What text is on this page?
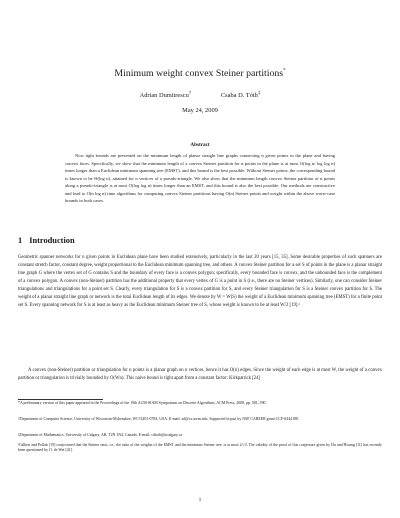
Minimum weight convex Steiner partitions*
Adrian Dumitrescu†	Csaba D. Tóth‡
May 24, 2009
Abstract
Now tight bounds are presented on the minimum length of planar straight line graphs connecting n given points in the plane and having convex faces. Specifically, we show that the minimum length of a convex Steiner partition for n points in the plane is at most O(log n/ log log n) times longer than a Euclidean minimum spanning tree (EMST), and this bound is the best possible. Without Steiner points, the corresponding bound is known to be Θ(log n), attained for n vertices of a pseudo-triangle. We also show that the minimum length convex Steiner partition of n points along a pseudo-triangle is at most O(log log n) times longer than an EMST, and this bound is also the best possible. Our methods are constructive and lead to O(n log n) time algorithms for computing convex Steiner partitions having O(n) Steiner points and weight within the above worst-case bounds in both cases.
1 Introduction
Geometric spanner networks for n given points in Euclidean plane have been studied extensively, particularly in the last 20 years [15, 35]. Some desirable properties of such spanners are constant stretch factor, constant degree, weight proportional to the Euclidean minimum spanning tree, and others. A convex Steiner partition for a set S of points in the plane is a planar straight line graph G where the vertex set of G contains S and the boundary of every face is a convex polygon; specifically, every bounded face is convex, and the unbounded face is the complement of a convex polygon. A convex (non-Steiner) partition has the additional property that every vertex of G is a point in S (i.e., there are no Steiner vertices). Similarly, one can consider Steiner triangulations and triangulations for a point set S. Clearly, every triangulation for S is a convex partition for S, and every Steiner triangulation for S is a Steiner convex partition for S. The weight of a planar straight line graph or network is the total Euclidean length of its edges. We denote by W = W(S) the weight of a Euclidean minimum spanning tree (EMST) for a finite point set S. Every spanning network for S is at least as heavy as the Euclidean minimum Steiner tree of S, whose weight is known to be at least W/2 [19].¹
A convex (non-Steiner) partition or triangulation for n points is a planar graph on n vertices, hence it has O(n) edges. Since the weight of each edge is at most W, the weight of a convex partition or triangulation is trivially bounded by O(Wn). This naive bound is tight apart from a constant factor: Kirkpatrick [24]
*A preliminary version of this paper appeared in the Proceedings of the 19th ACM-SIAM Symposium on Discrete Algorithms, ACM Press, 2008, pp. 581–590.
†Department of Computer Science, University of Wisconsin-Milwaukee, WI 53201-0784, USA. E-mail: ad@cs.uwm.edu. Supported in part by NSF CAREER grant CCF-0444188.
‡Department of Mathematics, University of Calgary, AB, T2N 1N4, Canada. E-mail: cdtoth@ucalgary.ca
¹Gilbert and Pollak [19] conjectured that the Steiner ratio, i.e., the ratio of the weights of the EMST and the minimum Steiner tree, is at most 2/√3. The validity of the proof of this conjecture given by Du and Hwang [11] has recently been questioned by O. de Wet [41].
1
